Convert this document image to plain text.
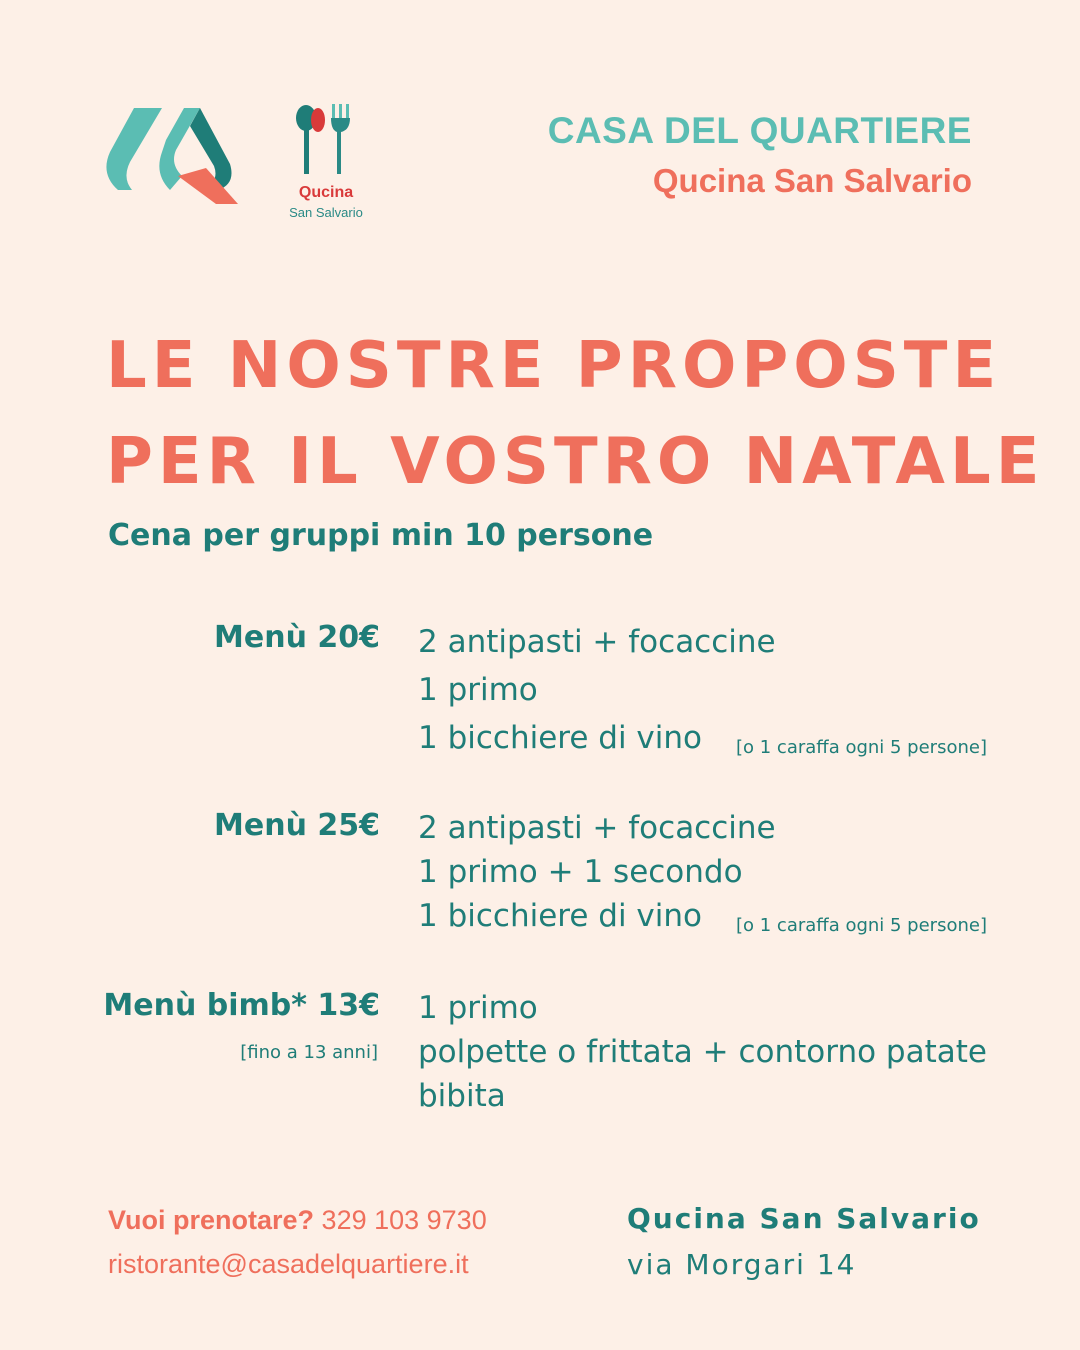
Qucina
San Salvario
CASA DEL QUARTIERE
Qucina San Salvario
LE NOSTRE PROPOSTE
PER IL VOSTRO NATALE
Cena per gruppi min 10 persone
Menù 20€ 2 antipasti + focaccine
1 primo
1 bicchiere di vino [o 1 caraffa ogni 5 persone]
Menù 25€ 2 antipasti + focaccine
1 primo + 1 secondo
1 bicchiere di vino [o 1 caraffa ogni 5 persone]
Menù bimb* 13€
[fino a 13 anni]
1 primo
polpette o frittata + contorno patate
bibita
Vuoi prenotare? 329 103 9730
ristorante@casadelquartiere.it
Qucina San Salvario
via Morgari 14
